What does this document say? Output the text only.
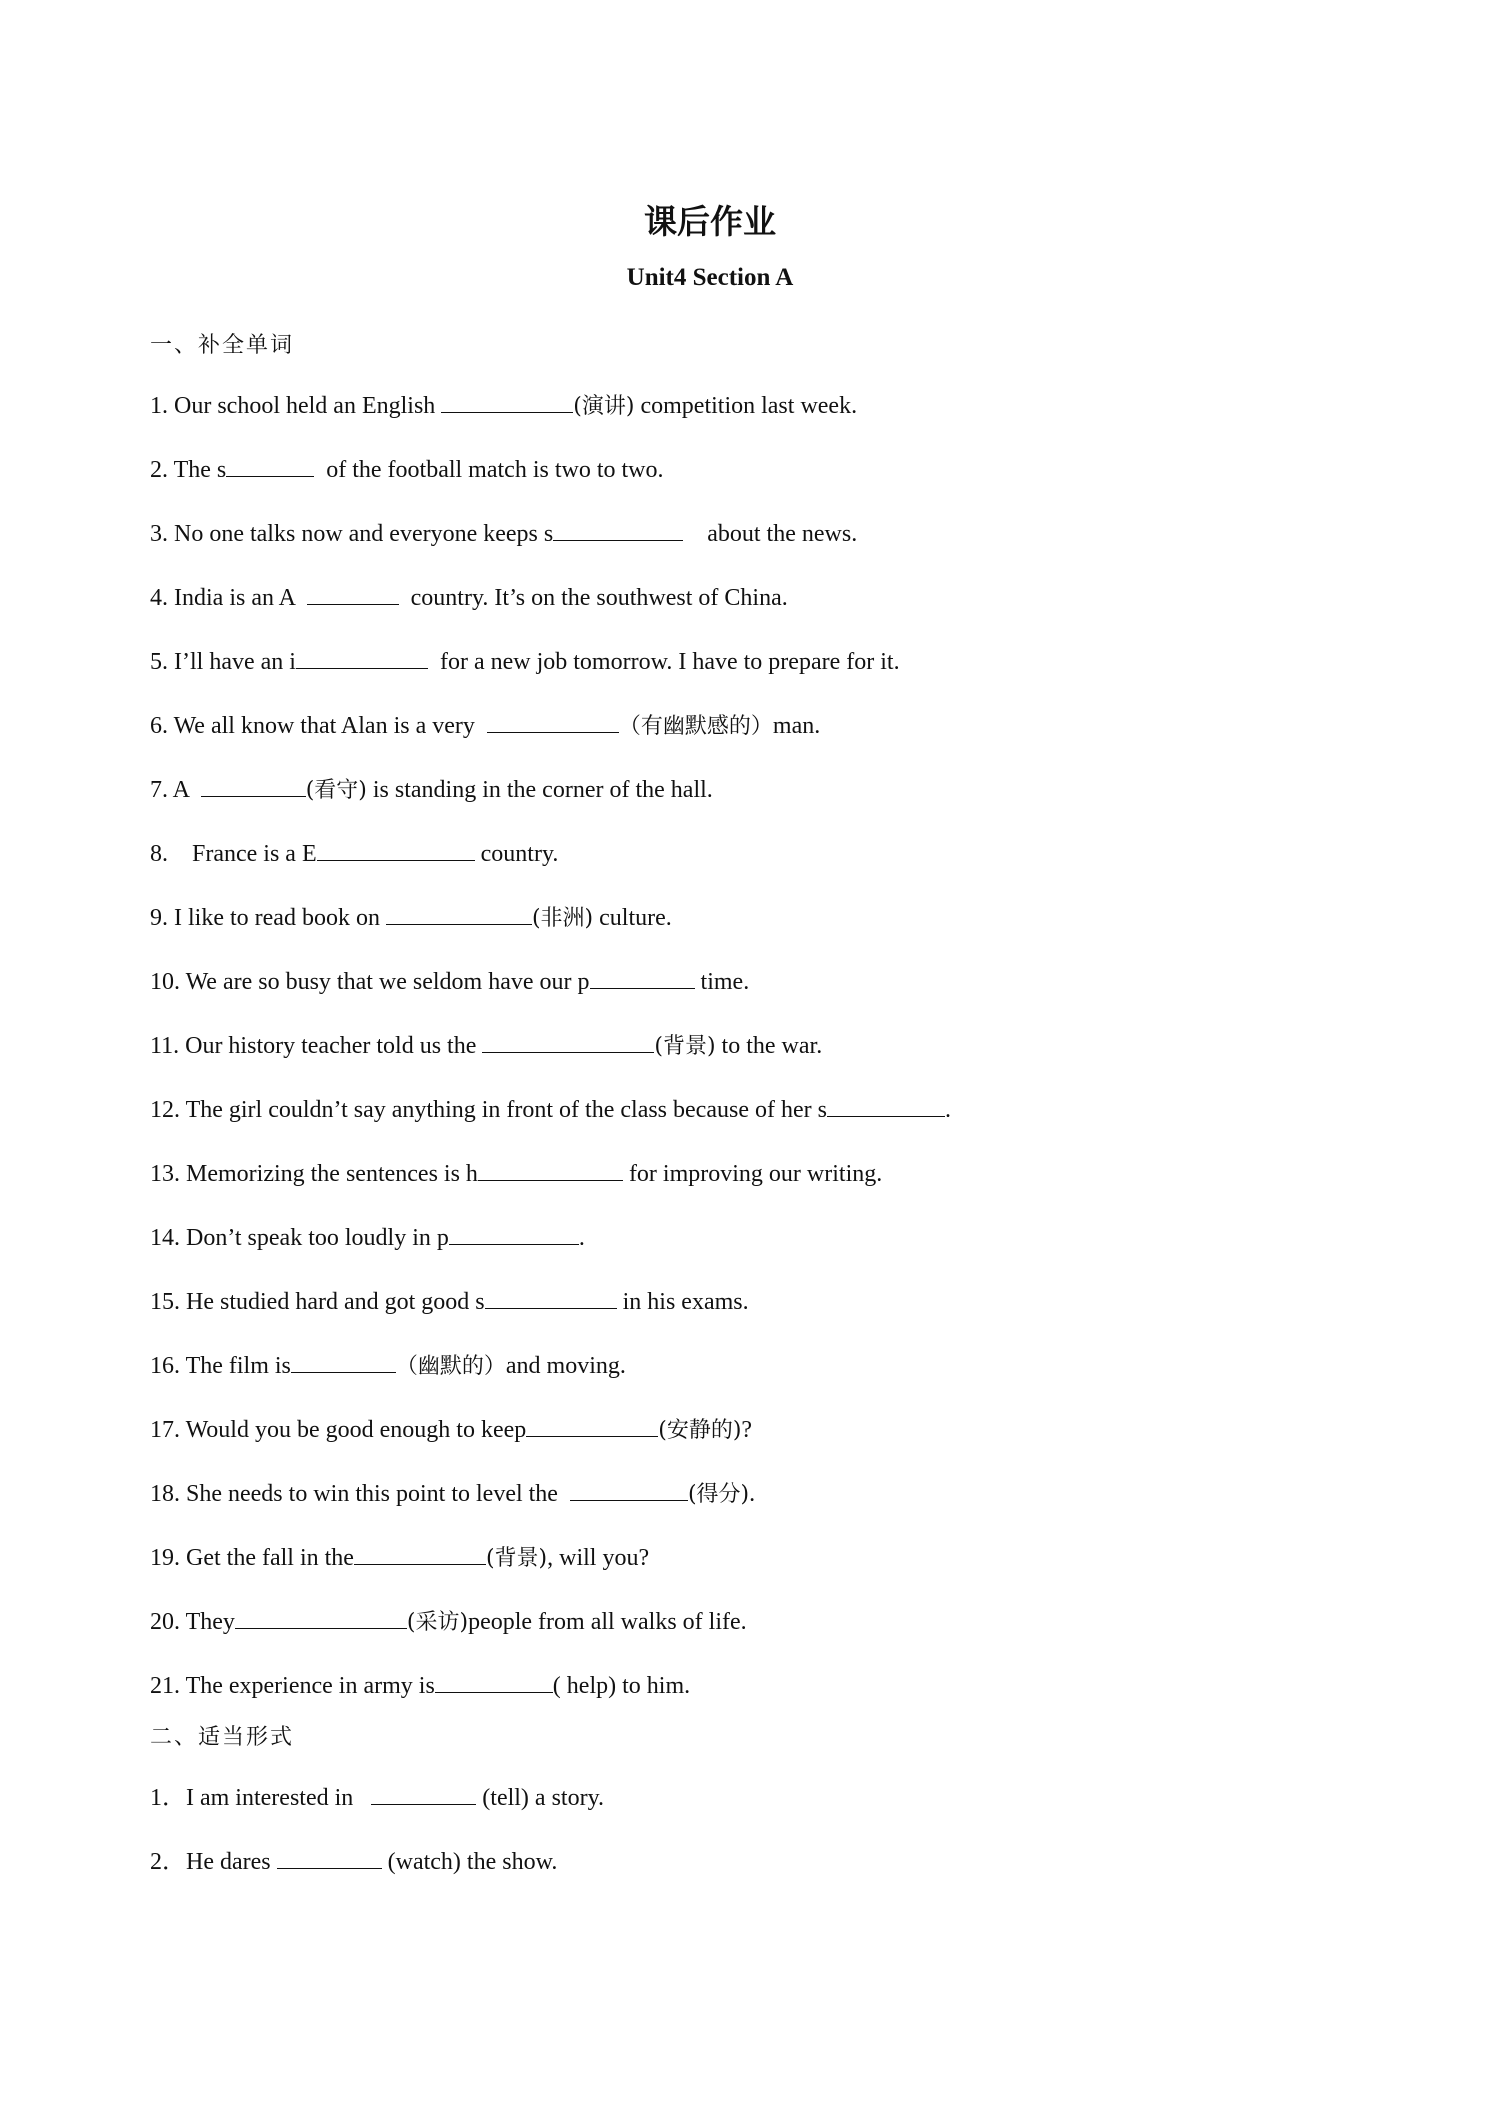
课后作业
Unit4 Section A
一、补全单词
1. Our school held an English	(演讲) competition last week.
2. The s	of the football match is two to two.
3. No one talks now and everyone keeps s	about the news.
4. India is an A	country. It’s on the southwest of China.
5. I’ll have an i	for a new job tomorrow. I have to prepare for it.
6. We all know that Alan is a very	（有幽默感的）man.
7. A	(看守) is standing in the corner of the hall.
8.    France is a E	country.
9. I like to read book on	(非洲) culture.
10. We are so busy that we seldom have our p	time.
11. Our history teacher told us the	(背景) to the war.
12. The girl couldn’t say anything in front of the class because of her s	.
13. Memorizing the sentences is h	for improving our writing.
14. Don’t speak too loudly in p	.
15. He studied hard and got good s	in his exams.
16. The film is	（幽默的）and moving.
17. Would you be good enough to keep	(安静的)?
18. She needs to win this point to level the	(得分).
19. Get the fall in the	(背景), will you?
20. They	(采访)people from all walks of life.
21. The experience in army is	( help) to him.
二、适当形式
1．I am interested in	(tell) a story.
2．He dares	(watch) the show.
